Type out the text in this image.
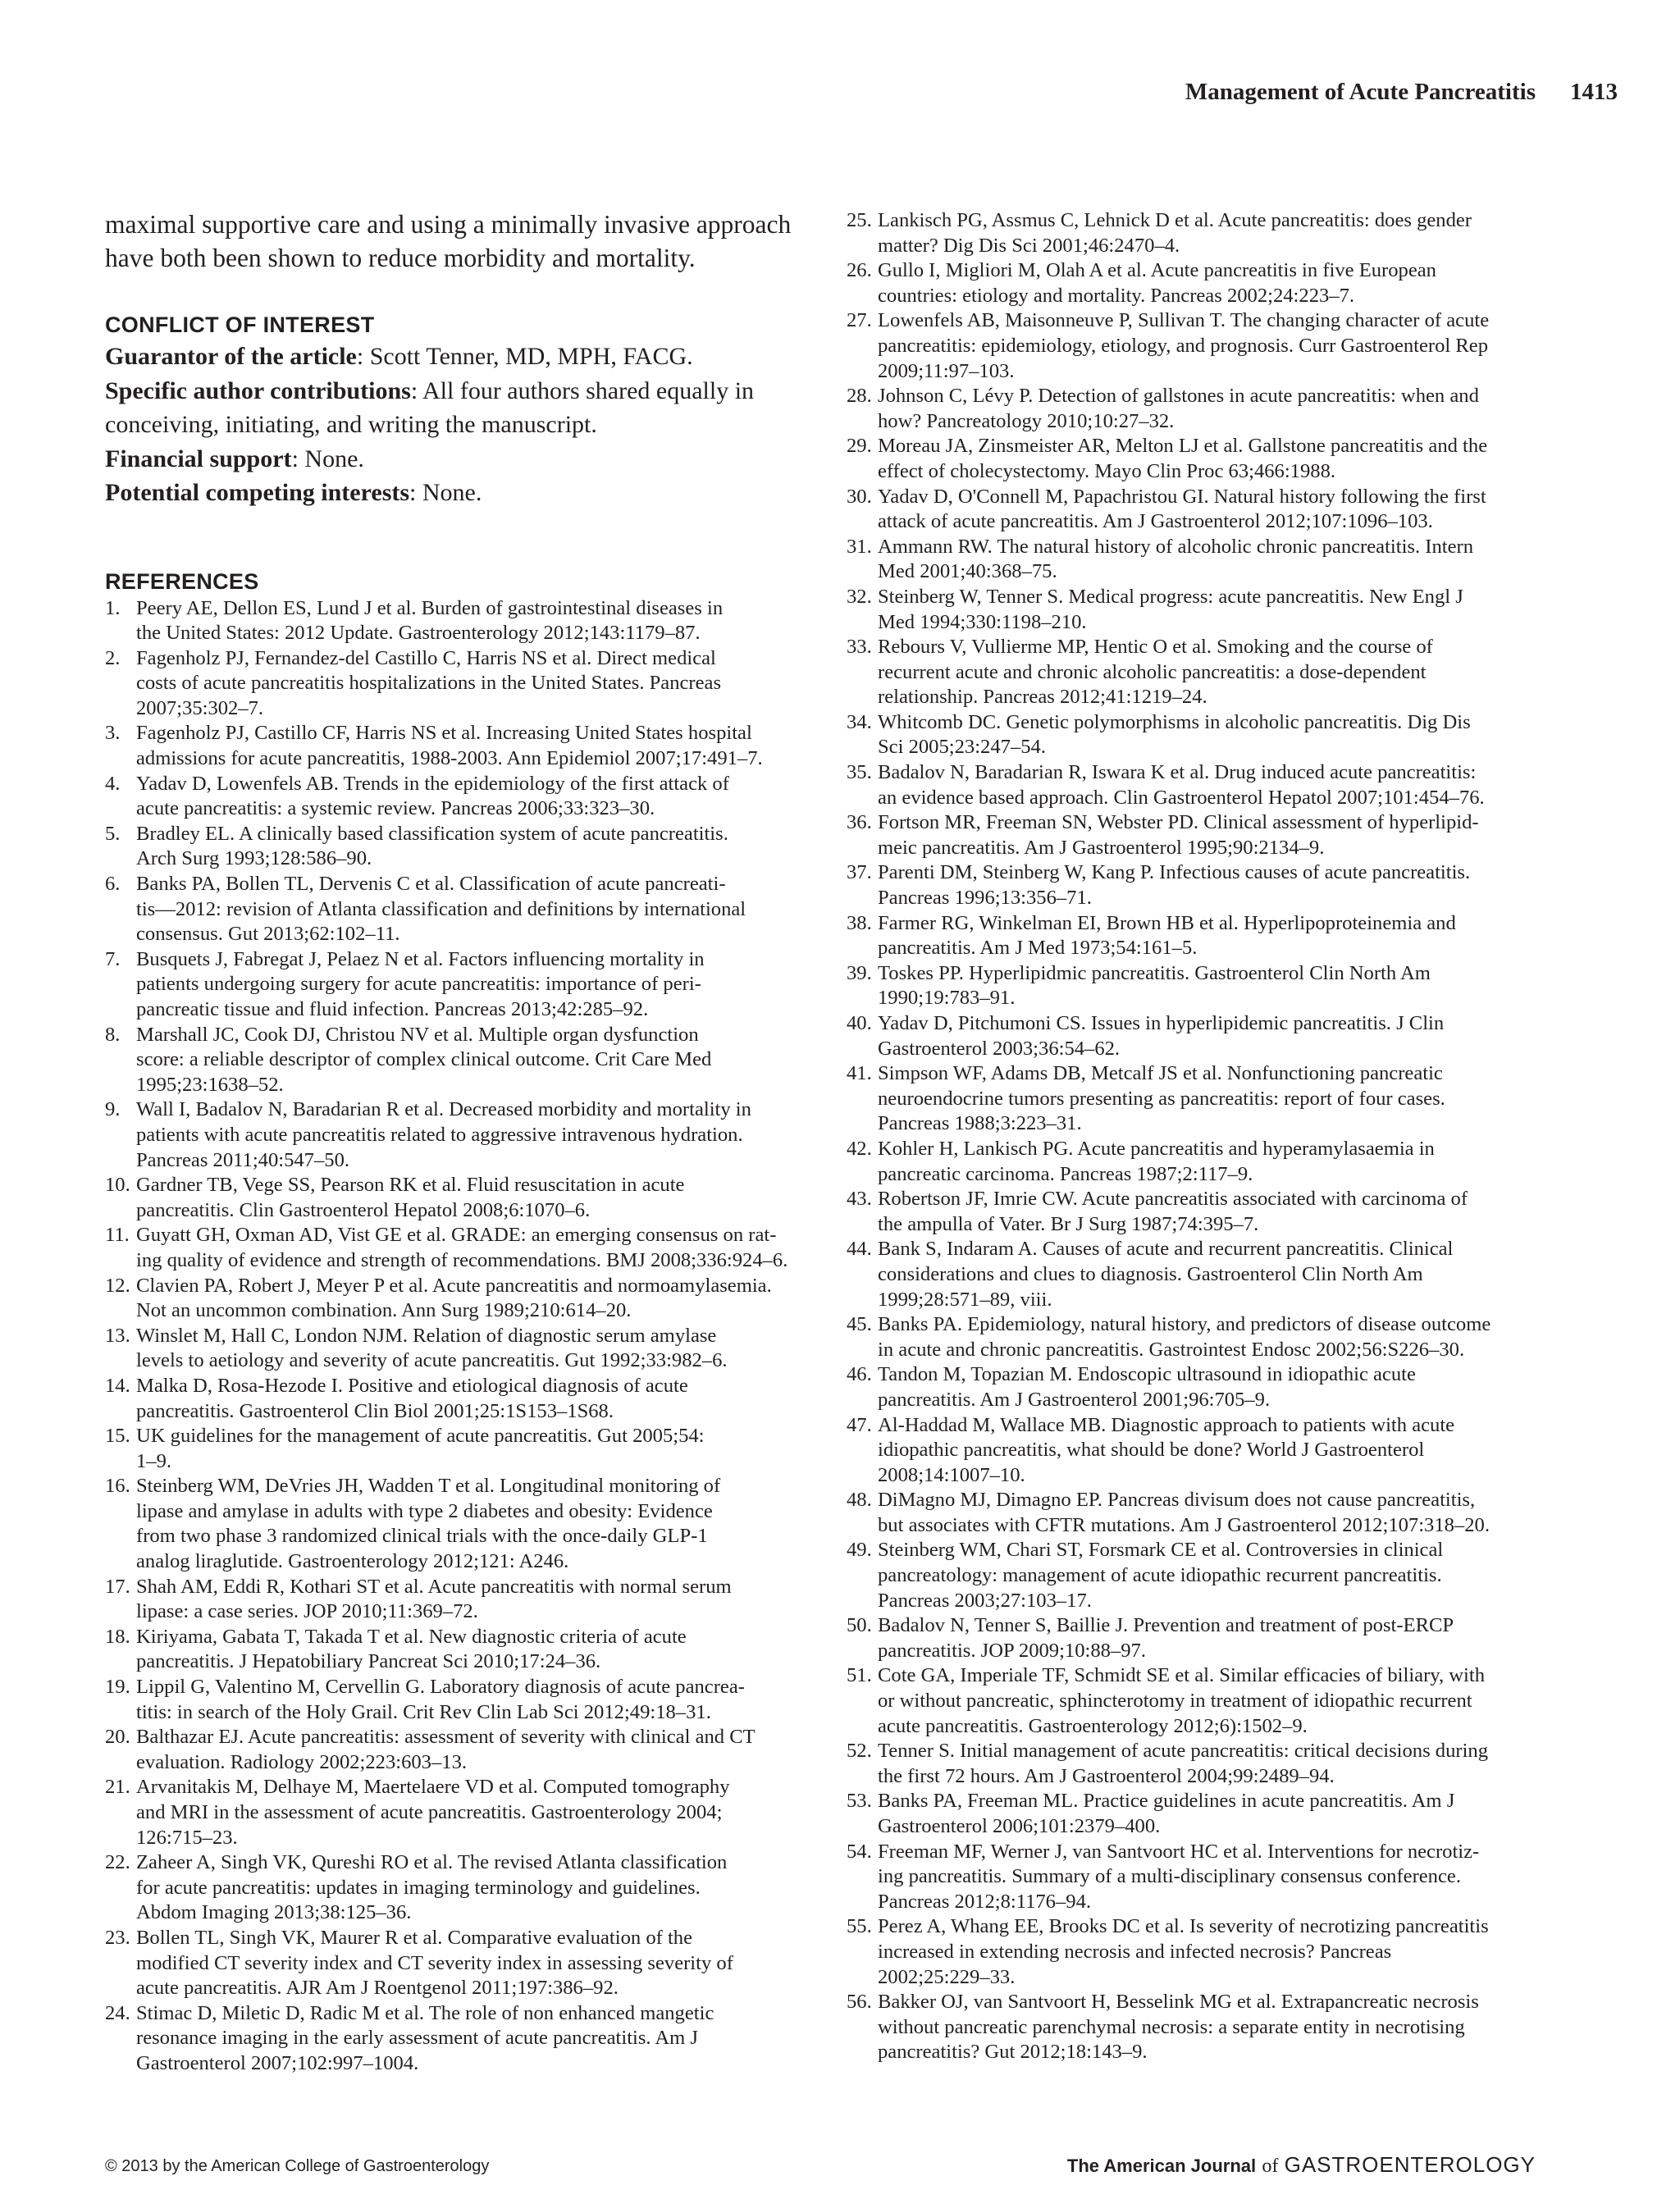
Management of Acute Pancreatitis 1413

maximal supportive care and using a minimally invasive approach
have both been shown to reduce morbidity and mortality.

CONFLICT OF INTEREST
Guarantor of the article: Scott Tenner, MD, MPH, FACG.
Specific author contributions: All four authors shared equally in
conceiving, initiating, and writing the manuscript.
Financial support: None.
Potential competing interests: None.
REFERENCES
1. Peery AE, Dellon ES, Lund J et al. Burden of gastrointestinal diseases in
the United States: 2012 Update. Gastroenterology 2012;143:1179–87.
2. Fagenholz PJ, Fernandez-del Castillo C, Harris NS et al. Direct medical
costs of acute pancreatitis hospitalizations in the United States. Pancreas
2007;35:302–7.
3. Fagenholz PJ, Castillo CF, Harris NS et al. Increasing United States hospital
admissions for acute pancreatitis, 1988-2003. Ann Epidemiol 2007;17:491–7.
4. Yadav D, Lowenfels AB. Trends in the epidemiology of the first attack of
acute pancreatitis: a systemic review. Pancreas 2006;33:323–30.
5. Bradley EL. A clinically based classification system of acute pancreatitis.
Arch Surg 1993;128:586–90.
6. Banks PA, Bollen TL, Dervenis C et al. Classification of acute pancreati-
tis—2012: revision of Atlanta classification and definitions by international
consensus. Gut 2013;62:102–11.
7. Busquets J, Fabregat J, Pelaez N et al. Factors influencing mortality in
patients undergoing surgery for acute pancreatitis: importance of peri-
pancreatic tissue and fluid infection. Pancreas 2013;42:285–92.
8. Marshall JC, Cook DJ, Christou NV et al. Multiple organ dysfunction
score: a reliable descriptor of complex clinical outcome. Crit Care Med
1995;23:1638–52.
9. Wall I, Badalov N, Baradarian R et al. Decreased morbidity and mortality in
patients with acute pancreatitis related to aggressive intravenous hydration.
Pancreas 2011;40:547–50.
10. Gardner TB, Vege SS, Pearson RK et al. Fluid resuscitation in acute
pancreatitis. Clin Gastroenterol Hepatol 2008;6:1070–6.
11. Guyatt GH, Oxman AD, Vist GE et al. GRADE: an emerging consensus on rat-
ing quality of evidence and strength of recommendations. BMJ 2008;336:924–6.
12. Clavien PA, Robert J, Meyer P et al. Acute pancreatitis and normoamylasemia.
Not an uncommon combination. Ann Surg 1989;210:614–20.
13. Winslet M, Hall C, London NJM. Relation of diagnostic serum amylase
levels to aetiology and severity of acute pancreatitis. Gut 1992;33:982–6.
14. Malka D, Rosa-Hezode I. Positive and etiological diagnosis of acute
pancreatitis. Gastroenterol Clin Biol 2001;25:1S153–1S68.
15. UK guidelines for the management of acute pancreatitis. Gut 2005;54:
1–9.
16. Steinberg WM, DeVries JH, Wadden T et al. Longitudinal monitoring of
lipase and amylase in adults with type 2 diabetes and obesity: Evidence
from two phase 3 randomized clinical trials with the once-daily GLP-1
analog liraglutide. Gastroenterology 2012;121: A246.
17. Shah AM, Eddi R, Kothari ST et al. Acute pancreatitis with normal serum
lipase: a case series. JOP 2010;11:369–72.
18. Kiriyama, Gabata T, Takada T et al. New diagnostic criteria of acute
pancreatitis. J Hepatobiliary Pancreat Sci 2010;17:24–36.
19. Lippil G, Valentino M, Cervellin G. Laboratory diagnosis of acute pancrea-
titis: in search of the Holy Grail. Crit Rev Clin Lab Sci 2012;49:18–31.
20. Balthazar EJ. Acute pancreatitis: assessment of severity with clinical and CT
evaluation. Radiology 2002;223:603–13.
21. Arvanitakis M, Delhaye M, Maertelaere VD et al. Computed tomography
and MRI in the assessment of acute pancreatitis. Gastroenterology 2004;
126:715–23.
22. Zaheer A, Singh VK, Qureshi RO et al. The revised Atlanta classification
for acute pancreatitis: updates in imaging terminology and guidelines.
Abdom Imaging 2013;38:125–36.
23. Bollen TL, Singh VK, Maurer R et al. Comparative evaluation of the
modified CT severity index and CT severity index in assessing severity of
acute pancreatitis. AJR Am J Roentgenol 2011;197:386–92.
24. Stimac D, Miletic D, Radic M et al. The role of non enhanced mangetic
resonance imaging in the early assessment of acute pancreatitis. Am J
Gastroenterol 2007;102:997–1004.
25. Lankisch PG, Assmus C, Lehnick D et al. Acute pancreatitis: does gender
matter? Dig Dis Sci 2001;46:2470–4.
26. Gullo I, Migliori M, Olah A et al. Acute pancreatitis in five European
countries: etiology and mortality. Pancreas 2002;24:223–7.
27. Lowenfels AB, Maisonneuve P, Sullivan T. The changing character of acute
pancreatitis: epidemiology, etiology, and prognosis. Curr Gastroenterol Rep
2009;11:97–103.
28. Johnson C, Lévy P. Detection of gallstones in acute pancreatitis: when and
how? Pancreatology 2010;10:27–32.
29. Moreau JA, Zinsmeister AR, Melton LJ et al. Gallstone pancreatitis and the
effect of cholecystectomy. Mayo Clin Proc 63;466:1988.
30. Yadav D, O'Connell M, Papachristou GI. Natural history following the first
attack of acute pancreatitis. Am J Gastroenterol 2012;107:1096–103.
31. Ammann RW. The natural history of alcoholic chronic pancreatitis. Intern
Med 2001;40:368–75.
32. Steinberg W, Tenner S. Medical progress: acute pancreatitis. New Engl J
Med 1994;330:1198–210.
33. Rebours V, Vullierme MP, Hentic O et al. Smoking and the course of
recurrent acute and chronic alcoholic pancreatitis: a dose-dependent
relationship. Pancreas 2012;41:1219–24.
34. Whitcomb DC. Genetic polymorphisms in alcoholic pancreatitis. Dig Dis
Sci 2005;23:247–54.
35. Badalov N, Baradarian R, Iswara K et al. Drug induced acute pancreatitis:
an evidence based approach. Clin Gastroenterol Hepatol 2007;101:454–76.
36. Fortson MR, Freeman SN, Webster PD. Clinical assessment of hyperlipid-
meic pancreatitis. Am J Gastroenterol 1995;90:2134–9.
37. Parenti DM, Steinberg W, Kang P. Infectious causes of acute pancreatitis.
Pancreas 1996;13:356–71.
38. Farmer RG, Winkelman EI, Brown HB et al. Hyperlipoproteinemia and
pancreatitis. Am J Med 1973;54:161–5.
39. Toskes PP. Hyperlipidmic pancreatitis. Gastroenterol Clin North Am
1990;19:783–91.
40. Yadav D, Pitchumoni CS. Issues in hyperlipidemic pancreatitis. J Clin
Gastroenterol 2003;36:54–62.
41. Simpson WF, Adams DB, Metcalf JS et al. Nonfunctioning pancreatic
neuroendocrine tumors presenting as pancreatitis: report of four cases.
Pancreas 1988;3:223–31.
42. Kohler H, Lankisch PG. Acute pancreatitis and hyperamylasaemia in
pancreatic carcinoma. Pancreas 1987;2:117–9.
43. Robertson JF, Imrie CW. Acute pancreatitis associated with carcinoma of
the ampulla of Vater. Br J Surg 1987;74:395–7.
44. Bank S, Indaram A. Causes of acute and recurrent pancreatitis. Clinical
considerations and clues to diagnosis. Gastroenterol Clin North Am
1999;28:571–89, viii.
45. Banks PA. Epidemiology, natural history, and predictors of disease outcome
in acute and chronic pancreatitis. Gastrointest Endosc 2002;56:S226–30.
46. Tandon M, Topazian M. Endoscopic ultrasound in idiopathic acute
pancreatitis. Am J Gastroenterol 2001;96:705–9.
47. Al-Haddad M, Wallace MB. Diagnostic approach to patients with acute
idiopathic pancreatitis, what should be done? World J Gastroenterol
2008;14:1007–10.
48. DiMagno MJ, Dimagno EP. Pancreas divisum does not cause pancreatitis,
but associates with CFTR mutations. Am J Gastroenterol 2012;107:318–20.
49. Steinberg WM, Chari ST, Forsmark CE et al. Controversies in clinical
pancreatology: management of acute idiopathic recurrent pancreatitis.
Pancreas 2003;27:103–17.
50. Badalov N, Tenner S, Baillie J. Prevention and treatment of post-ERCP
pancreatitis. JOP 2009;10:88–97.
51. Cote GA, Imperiale TF, Schmidt SE et al. Similar efficacies of biliary, with
or without pancreatic, sphincterotomy in treatment of idiopathic recurrent
acute pancreatitis. Gastroenterology 2012;6):1502–9.
52. Tenner S. Initial management of acute pancreatitis: critical decisions during
the first 72 hours. Am J Gastroenterol 2004;99:2489–94.
53. Banks PA, Freeman ML. Practice guidelines in acute pancreatitis. Am J
Gastroenterol 2006;101:2379–400.
54. Freeman MF, Werner J, van Santvoort HC et al. Interventions for necrotiz-
ing pancreatitis. Summary of a multi-disciplinary consensus conference.
Pancreas 2012;8:1176–94.
55. Perez A, Whang EE, Brooks DC et al. Is severity of necrotizing pancreatitis
increased in extending necrosis and infected necrosis? Pancreas
2002;25:229–33.
56. Bakker OJ, van Santvoort H, Besselink MG et al. Extrapancreatic necrosis
without pancreatic parenchymal necrosis: a separate entity in necrotising
pancreatitis? Gut 2012;18:143–9.
© 2013 by the American College of Gastroenterology	The American Journal of GASTROENTEROLOGY
